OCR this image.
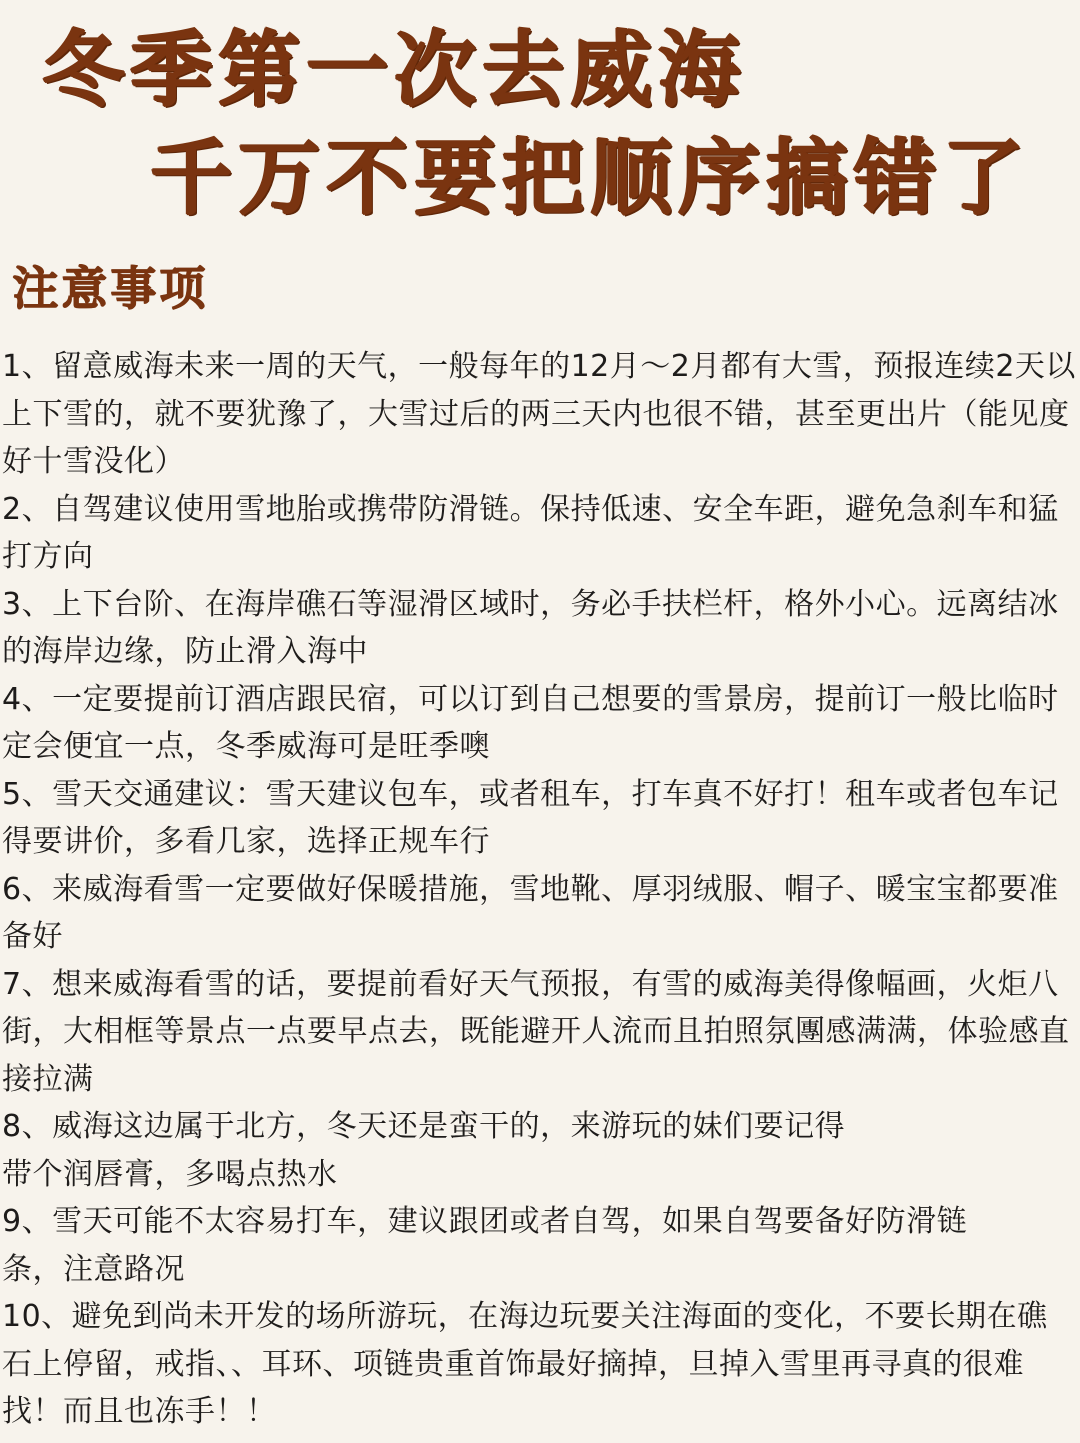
冬季第一次去威海
千万不要把顺序搞错了
注意事项
1、留意威海未来一周的天气，一般每年的12月～2月都有大雪，预报连续2天以上下雪的，就不要犹豫了，大雪过后的两三天内也很不错，甚至更出片（能见度好十雪没化）
2、自驾建议使用雪地胎或携带防滑链。保持低速、安全车距，避免急刹车和猛打方向
3、上下台阶、在海岸礁石等湿滑区域时，务必手扶栏杆，格外小心。远离结冰的海岸边缘，防止滑入海中
4、一定要提前订酒店跟民宿，可以订到自己想要的雪景房，提前订一般比临时定会便宜一点，冬季威海可是旺季噢
5、雪天交通建议：雪天建议包车，或者租车，打车真不好打！租车或者包车记得要讲价，多看几家，选择正规车行
6、来威海看雪一定要做好保暖措施，雪地靴、厚羽绒服、帽子、暖宝宝都要准备好
7、想来威海看雪的话，要提前看好天气预报，有雪的威海美得像幅画，火炬八街，大相框等景点一点要早点去，既能避开人流而且拍照氛團感满满，体验感直接拉满
8、威海这边属于北方，冬天还是蛮干的，来游玩的妹们要记得
带个润唇膏，多喝点热水
9、雪天可能不太容易打车，建议跟团或者自驾，如果自驾要备好防滑链
条，注意路况
10、避免到尚未开发的场所游玩，在海边玩要关注海面的变化，不要长期在礁石上停留，戒指、、耳环、项链贵重首饰最好摘掉，旦掉入雪里再寻真的很难找！而且也冻手！！
